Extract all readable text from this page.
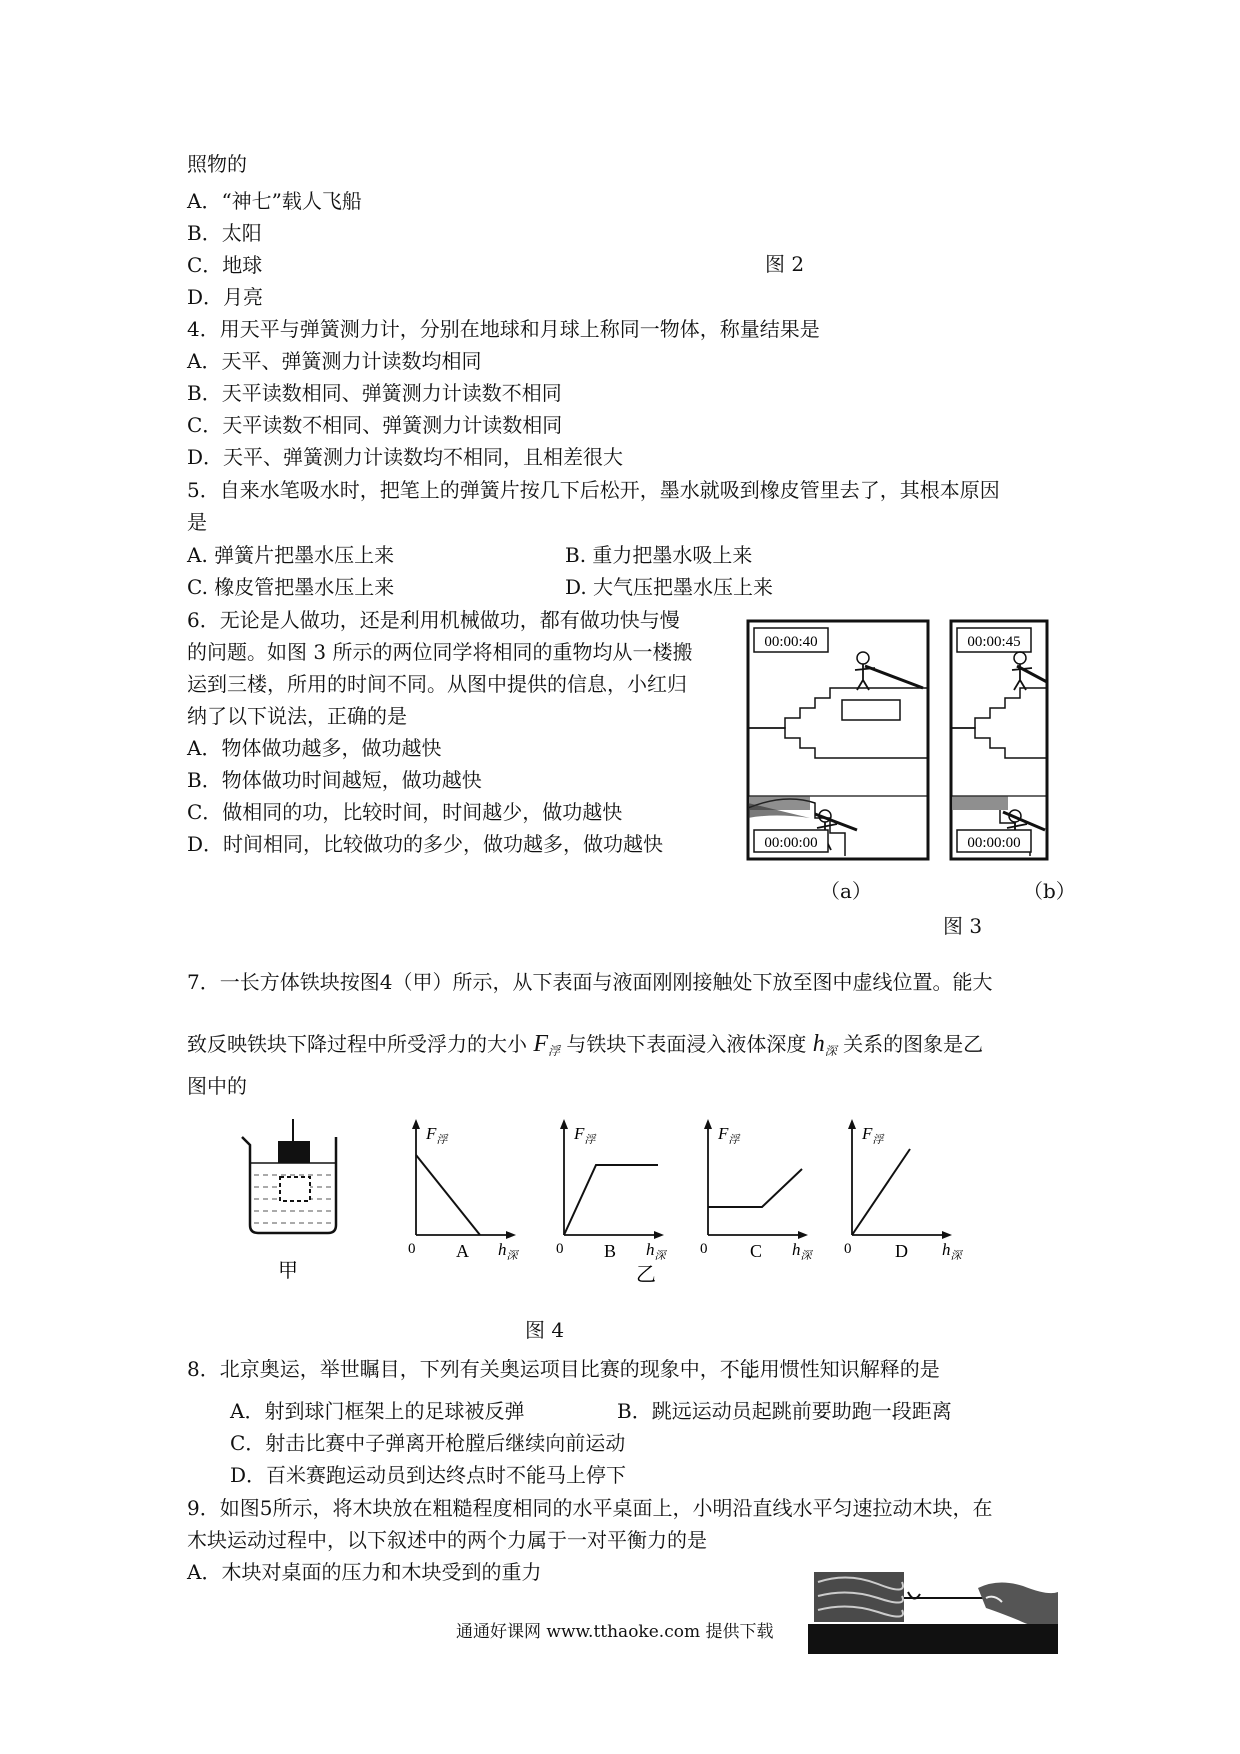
照物的
A．“神七”载人飞船
B．太阳
C．地球
D．月亮
图 2
4．用天平与弹簧测力计，分别在地球和月球上称同一物体，称量结果是
A．天平、弹簧测力计读数均相同
B．天平读数相同、弹簧测力计读数不相同
C．天平读数不相同、弹簧测力计读数相同
D．天平、弹簧测力计读数均不相同，且相差很大
5．自来水笔吸水时，把笔上的弹簧片按几下后松开，墨水就吸到橡皮管里去了，其根本原因
是
A. 弹簧片把墨水压上来	B. 重力把墨水吸上来
C. 橡皮管把墨水压上来	D. 大气压把墨水压上来
6．无论是人做功，还是利用机械做功，都有做功快与慢
的问题。如图 3 所示的两位同学将相同的重物均从一楼搬
运到三楼，所用的时间不同。从图中提供的信息，小红归
纳了以下说法，正确的是
A．物体做功越多，做功越快
B．物体做功时间越短，做功越快
C．做相同的功，比较时间，时间越少，做功越快
D．时间相同，比较做功的多少，做功越多，做功越快
00:00:40
00:00:00
00:00:45
00:00:00
（a）	（b）
图 3
7．一长方体铁块按图4（甲）所示，从下表面与液面刚刚接触处下放至图中虚线位置。能大
致反映铁块下降过程中所受浮力的大小 $F_浮$ 与铁块下表面浸入液体深度 $h_深$ 关系的图象是乙
图中的
甲
$F_浮$
0 A $h_深$
$F_浮$
0 B $h_深$
$F_浮$
0 C $h_深$
$F_浮$
0 D $h_深$
乙
图 4
8．北京奥运，举世瞩目，下列有关奥运项目比赛的现象中，不能用惯性知识解释的是
A．射到球门框架上的足球被反弹	B．跳远运动员起跳前要助跑一段距离
C．射击比赛中子弹离开枪膛后继续向前运动
D．百米赛跑运动员到达终点时不能马上停下
9．如图5所示，将木块放在粗糙程度相同的水平桌面上，小明沿直线水平匀速拉动木块，在
木块运动过程中，以下叙述中的两个力属于一对平衡力的是
A．木块对桌面的压力和木块受到的重力
通通好课网 www.tthaoke.com 提供下载
